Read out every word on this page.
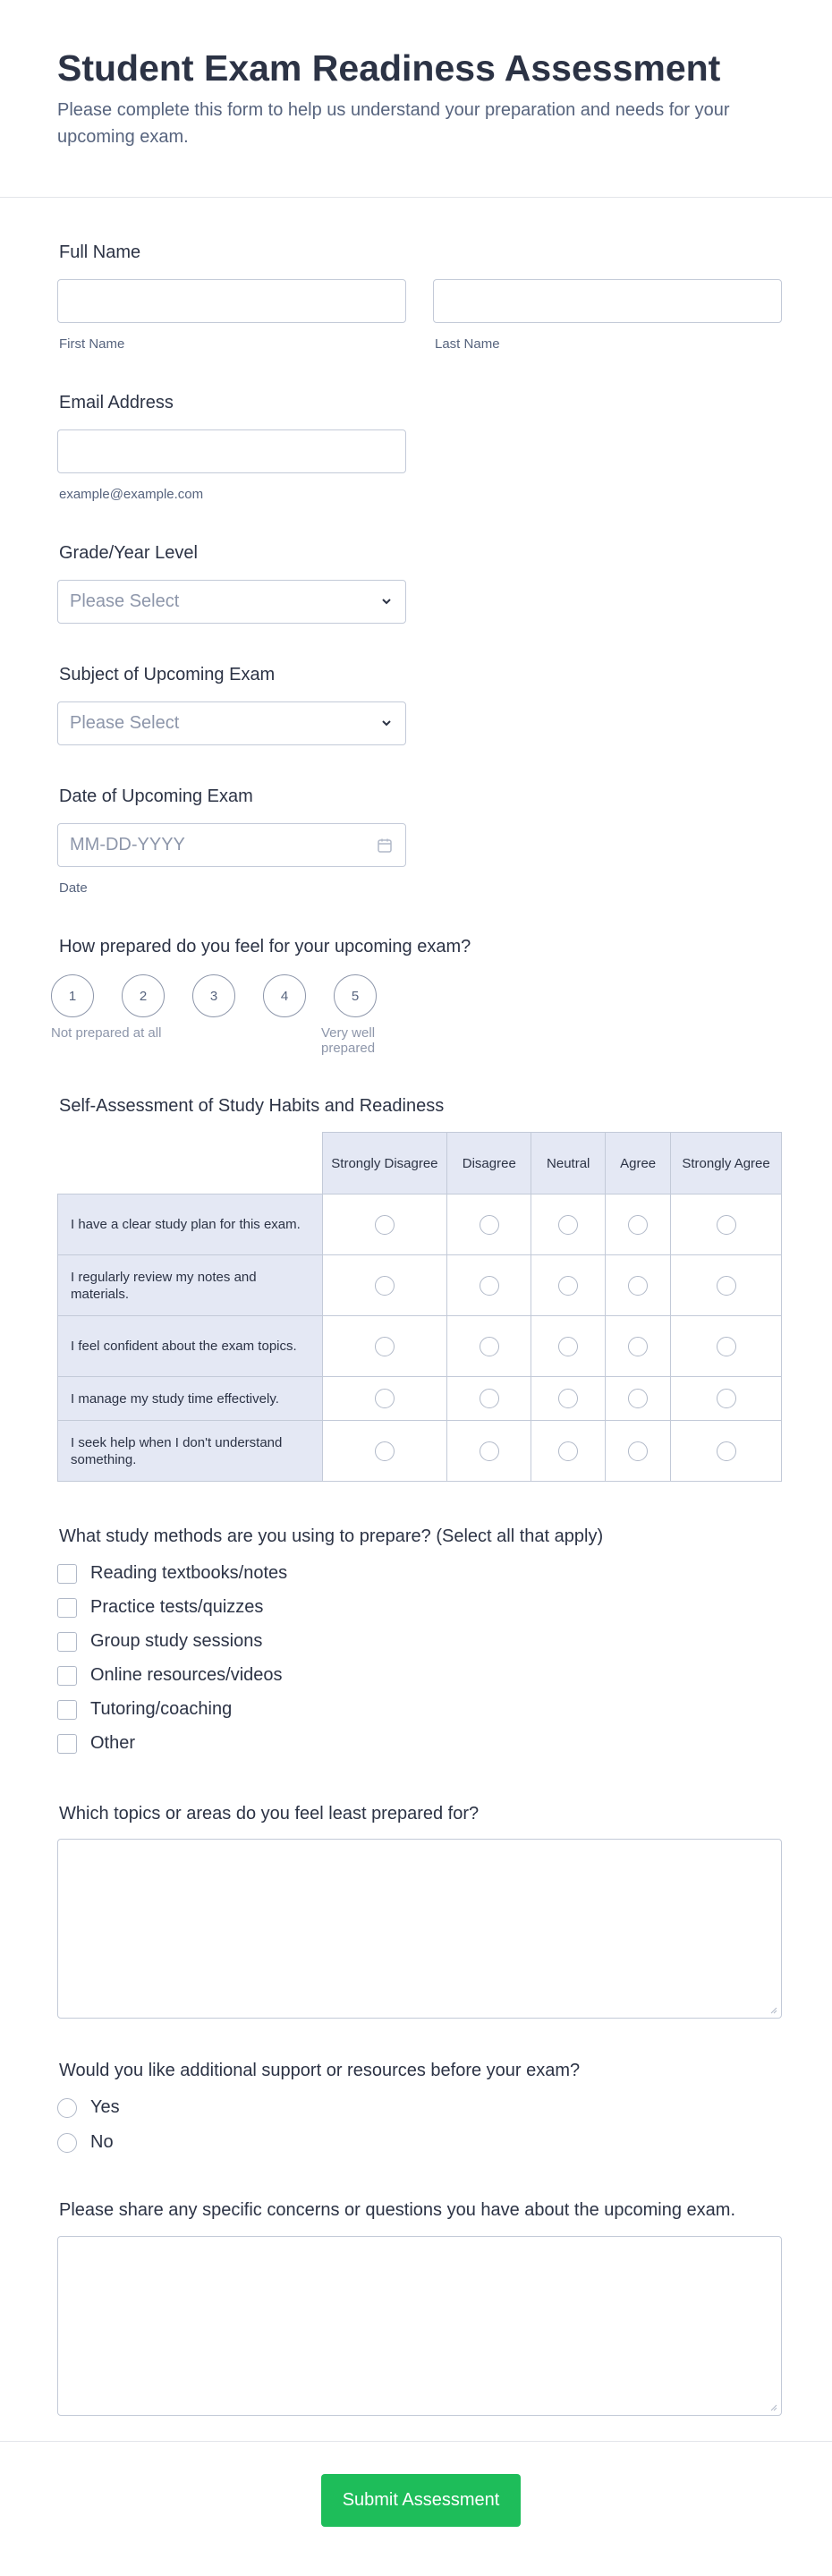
Student Exam Readiness Assessment
Please complete this form to help us understand your preparation and needs for your upcoming exam.
Full Name
First Name	Last Name
Email Address
example@example.com
Grade/Year Level
Please Select
Subject of Upcoming Exam
Please Select
Date of Upcoming Exam
MM-DD-YYYY
Date
How prepared do you feel for your upcoming exam?
1	2	3	4	5
Not prepared at all	Very well prepared
Self-Assessment of Study Habits and Readiness
	Strongly Disagree	Disagree	Neutral	Agree	Strongly Agree
I have a clear study plan for this exam.					
I regularly review my notes and materials.					
I feel confident about the exam topics.					
I manage my study time effectively.					
I seek help when I don't understand something.					
What study methods are you using to prepare? (Select all that apply)
Reading textbooks/notes
Practice tests/quizzes
Group study sessions
Online resources/videos
Tutoring/coaching
Other
Which topics or areas do you feel least prepared for?
Would you like additional support or resources before your exam?
Yes
No
Please share any specific concerns or questions you have about the upcoming exam.
Submit Assessment
